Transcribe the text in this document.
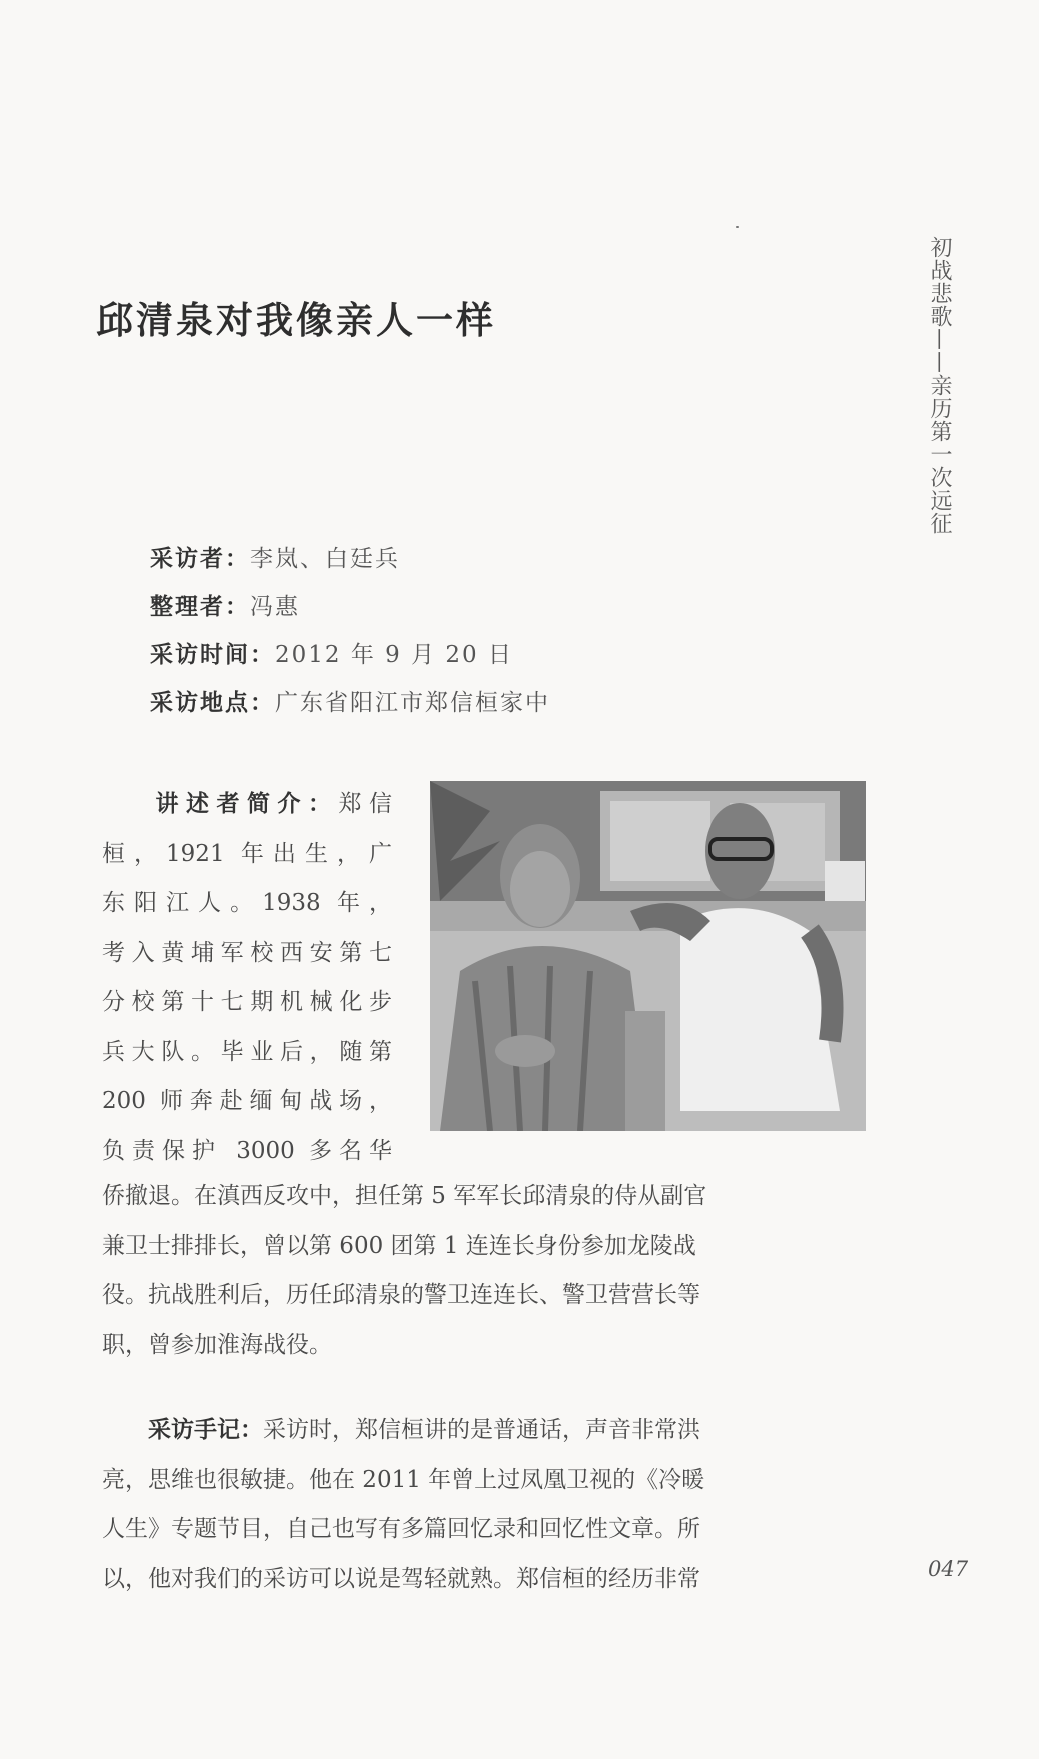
邱清泉对我像亲人一样	初战悲歌——亲历第一次远征
采访者：李岚、白廷兵
整理者：冯惠
采访时间：2012 年 9 月 20 日
采访地点：广东省阳江市郑信桓家中
  讲述者简介：郑信
桓，1921 年出生，广
东阳江人。1938 年，
考入黄埔军校西安第七
分校第十七期机械化步
兵大队。毕业后，随第
200 师奔赴缅甸战场，
负责保护 3000 多名华
侨撤退。在滇西反攻中，担任第 5 军军长邱清泉的侍从副官
兼卫士排排长，曾以第 600 团第 1 连连长身份参加龙陵战
役。抗战胜利后，历任邱清泉的警卫连连长、警卫营营长等
职，曾参加淮海战役。
  采访手记：采访时，郑信桓讲的是普通话，声音非常洪
亮，思维也很敏捷。他在 2011 年曾上过凤凰卫视的《冷暖
人生》专题节目，自己也写有多篇回忆录和回忆性文章。所
以，他对我们的采访可以说是驾轻就熟。郑信桓的经历非常	047
